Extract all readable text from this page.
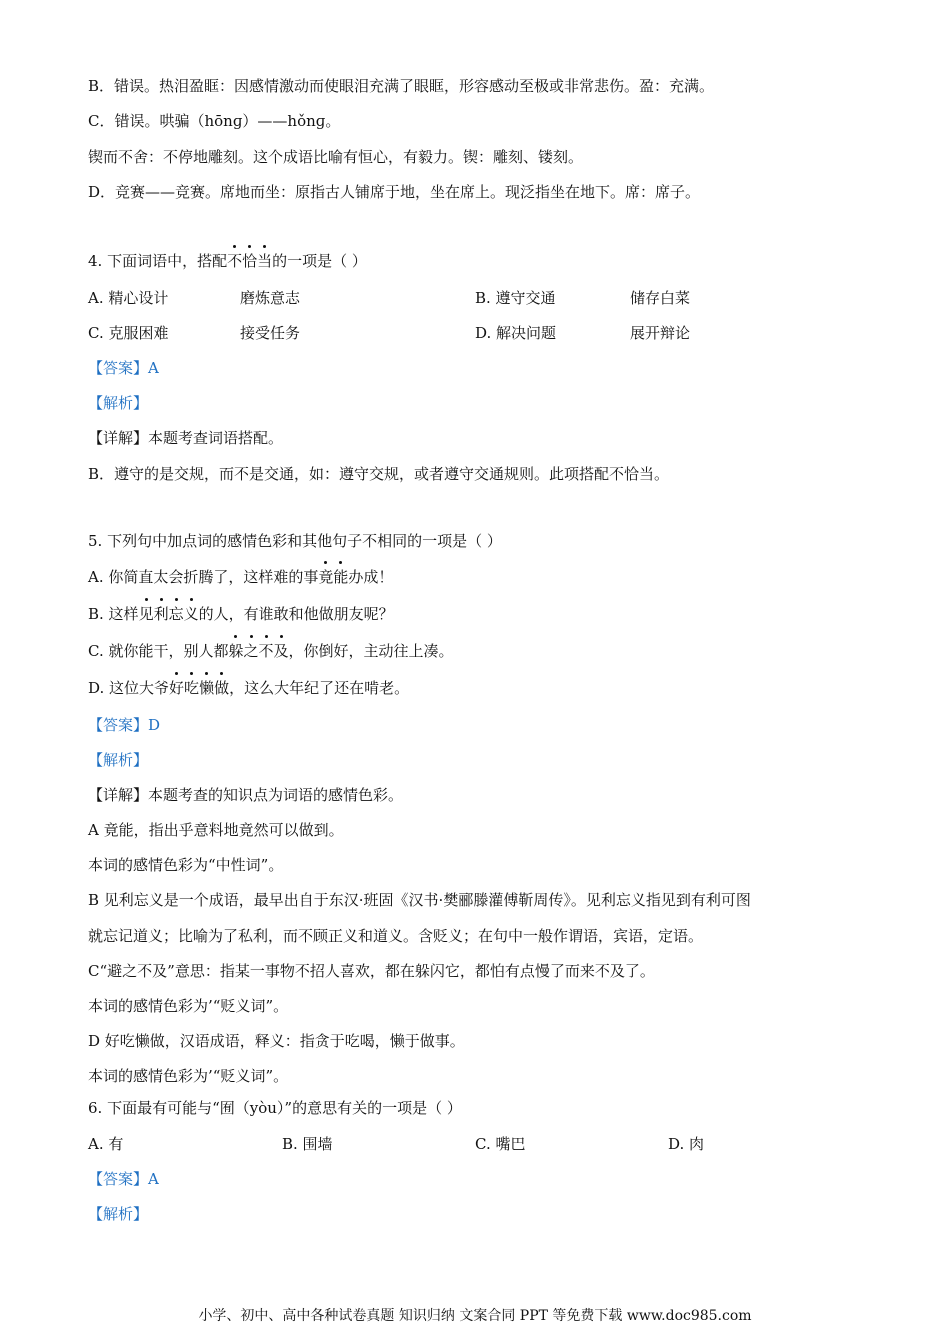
B．错误。热泪盈眶：因感情激动而使眼泪充满了眼眶，形容感动至极或非常悲伤。盈：充满。
C．错误。哄骗（hōnɡ）——hǒnɡ。
锲而不舍：不停地雕刻。这个成语比喻有恒心，有毅力。锲：雕刻、镂刻。
D．竞赛——竞赛。席地而坐：原指古人铺席于地，坐在席上。现泛指坐在地下。席：席子。
4. 下面词语中，搭配不恰当的一项是（ ）
A. 精心设计	磨炼意志	B. 遵守交通	储存白菜
C. 克服困难	接受任务	D. 解决问题	展开辩论
【答案】A
【解析】
【详解】本题考查词语搭配。
B．遵守的是交规，而不是交通，如：遵守交规，或者遵守交通规则。此项搭配不恰当。
5. 下列句中加点词的感情色彩和其他句子不相同的一项是（ ）
A. 你简直太会折腾了，这样难的事竟能办成！
B. 这样见利忘义的人，有谁敢和他做朋友呢？
C. 就你能干，别人都躲之不及，你倒好，主动往上凑。
D. 这位大爷好吃懒做，这么大年纪了还在啃老。
【答案】D
【解析】
【详解】本题考查的知识点为词语的感情色彩。
A 竟能，指出乎意料地竟然可以做到。
本词的感情色彩为“中性词”。
B 见利忘义是一个成语，最早出自于东汉·班固《汉书·樊郦滕灌傅靳周传》。见利忘义指见到有利可图
就忘记道义；比喻为了私利，而不顾正义和道义。含贬义；在句中一般作谓语，宾语，定语。
C“避之不及”意思：指某一事物不招人喜欢，都在躲闪它，都怕有点慢了而来不及了。
本词的感情色彩为’“贬义词”。
D 好吃懒做，汉语成语，释义：指贪于吃喝，懒于做事。
本词的感情色彩为’“贬义词”。
6. 下面最有可能与“囿（yòu）”的意思有关的一项是（ ）
A. 有	B. 围墙	C. 嘴巴	D. 肉
【答案】A
【解析】
小学、初中、高中各种试卷真题 知识归纳 文案合同 PPT 等免费下载 www.doc985.com
